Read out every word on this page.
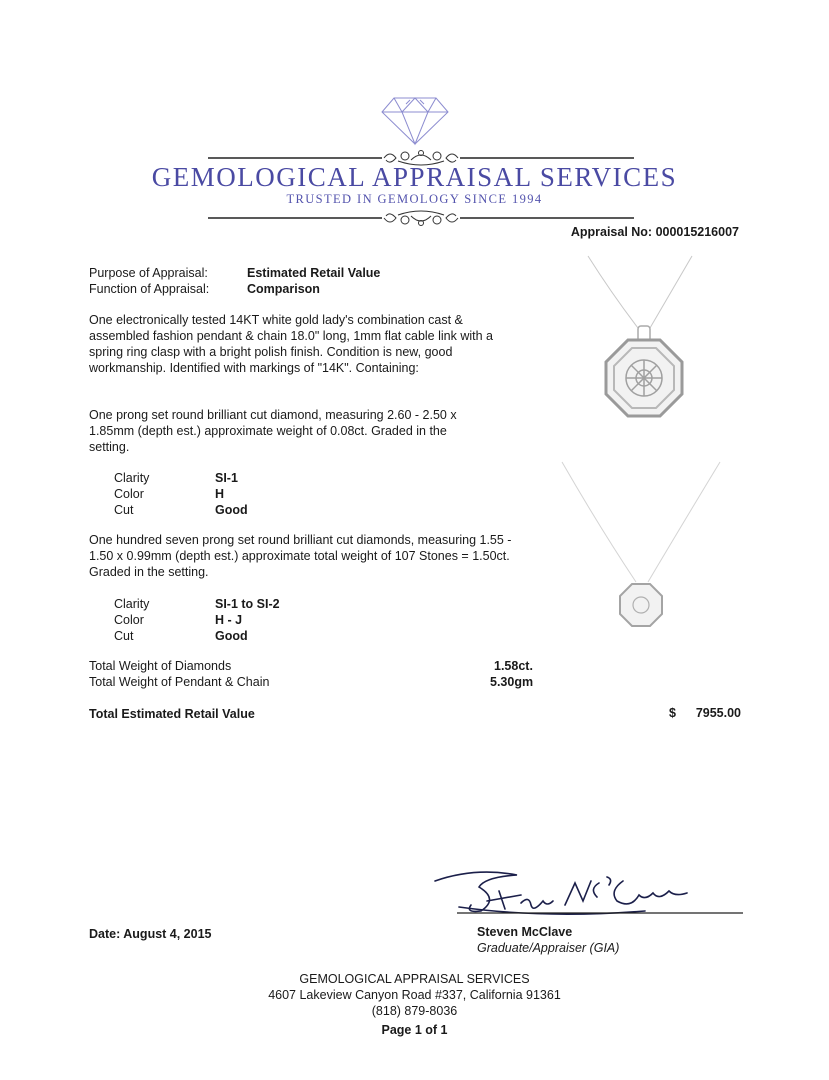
GEMOLOGICAL APPRAISAL SERVICES
TRUSTED IN GEMOLOGY SINCE 1994
Appraisal No: 000015216007
Purpose of Appraisal:	Estimated Retail Value
Function of Appraisal:	Comparison
One electronically tested 14KT white gold lady's combination cast & assembled fashion pendant & chain 18.0" long, 1mm flat cable link with a spring ring clasp with a bright polish finish. Condition is new, good workmanship. Identified with markings of "14K". Containing:
One prong set round brilliant cut diamond, measuring 2.60 - 2.50 x 1.85mm (depth est.) approximate weight of 0.08ct. Graded in the setting.
Clarity	SI-1
Color	H
Cut	Good
One hundred seven prong set round brilliant cut diamonds, measuring 1.55 - 1.50 x 0.99mm (depth est.) approximate total weight of 107 Stones = 1.50ct. Graded in the setting.
Clarity	SI-1 to SI-2
Color	H - J
Cut	Good
Total Weight of Diamonds	1.58ct.
Total Weight of Pendant & Chain	5.30gm
Total Estimated Retail Value	$ 7955.00
Date: August 4, 2015	Steven McClave
Graduate/Appraiser (GIA)
GEMOLOGICAL APPRAISAL SERVICES
4607 Lakeview Canyon Road #337, California 91361
(818) 879-8036
Page 1 of 1
